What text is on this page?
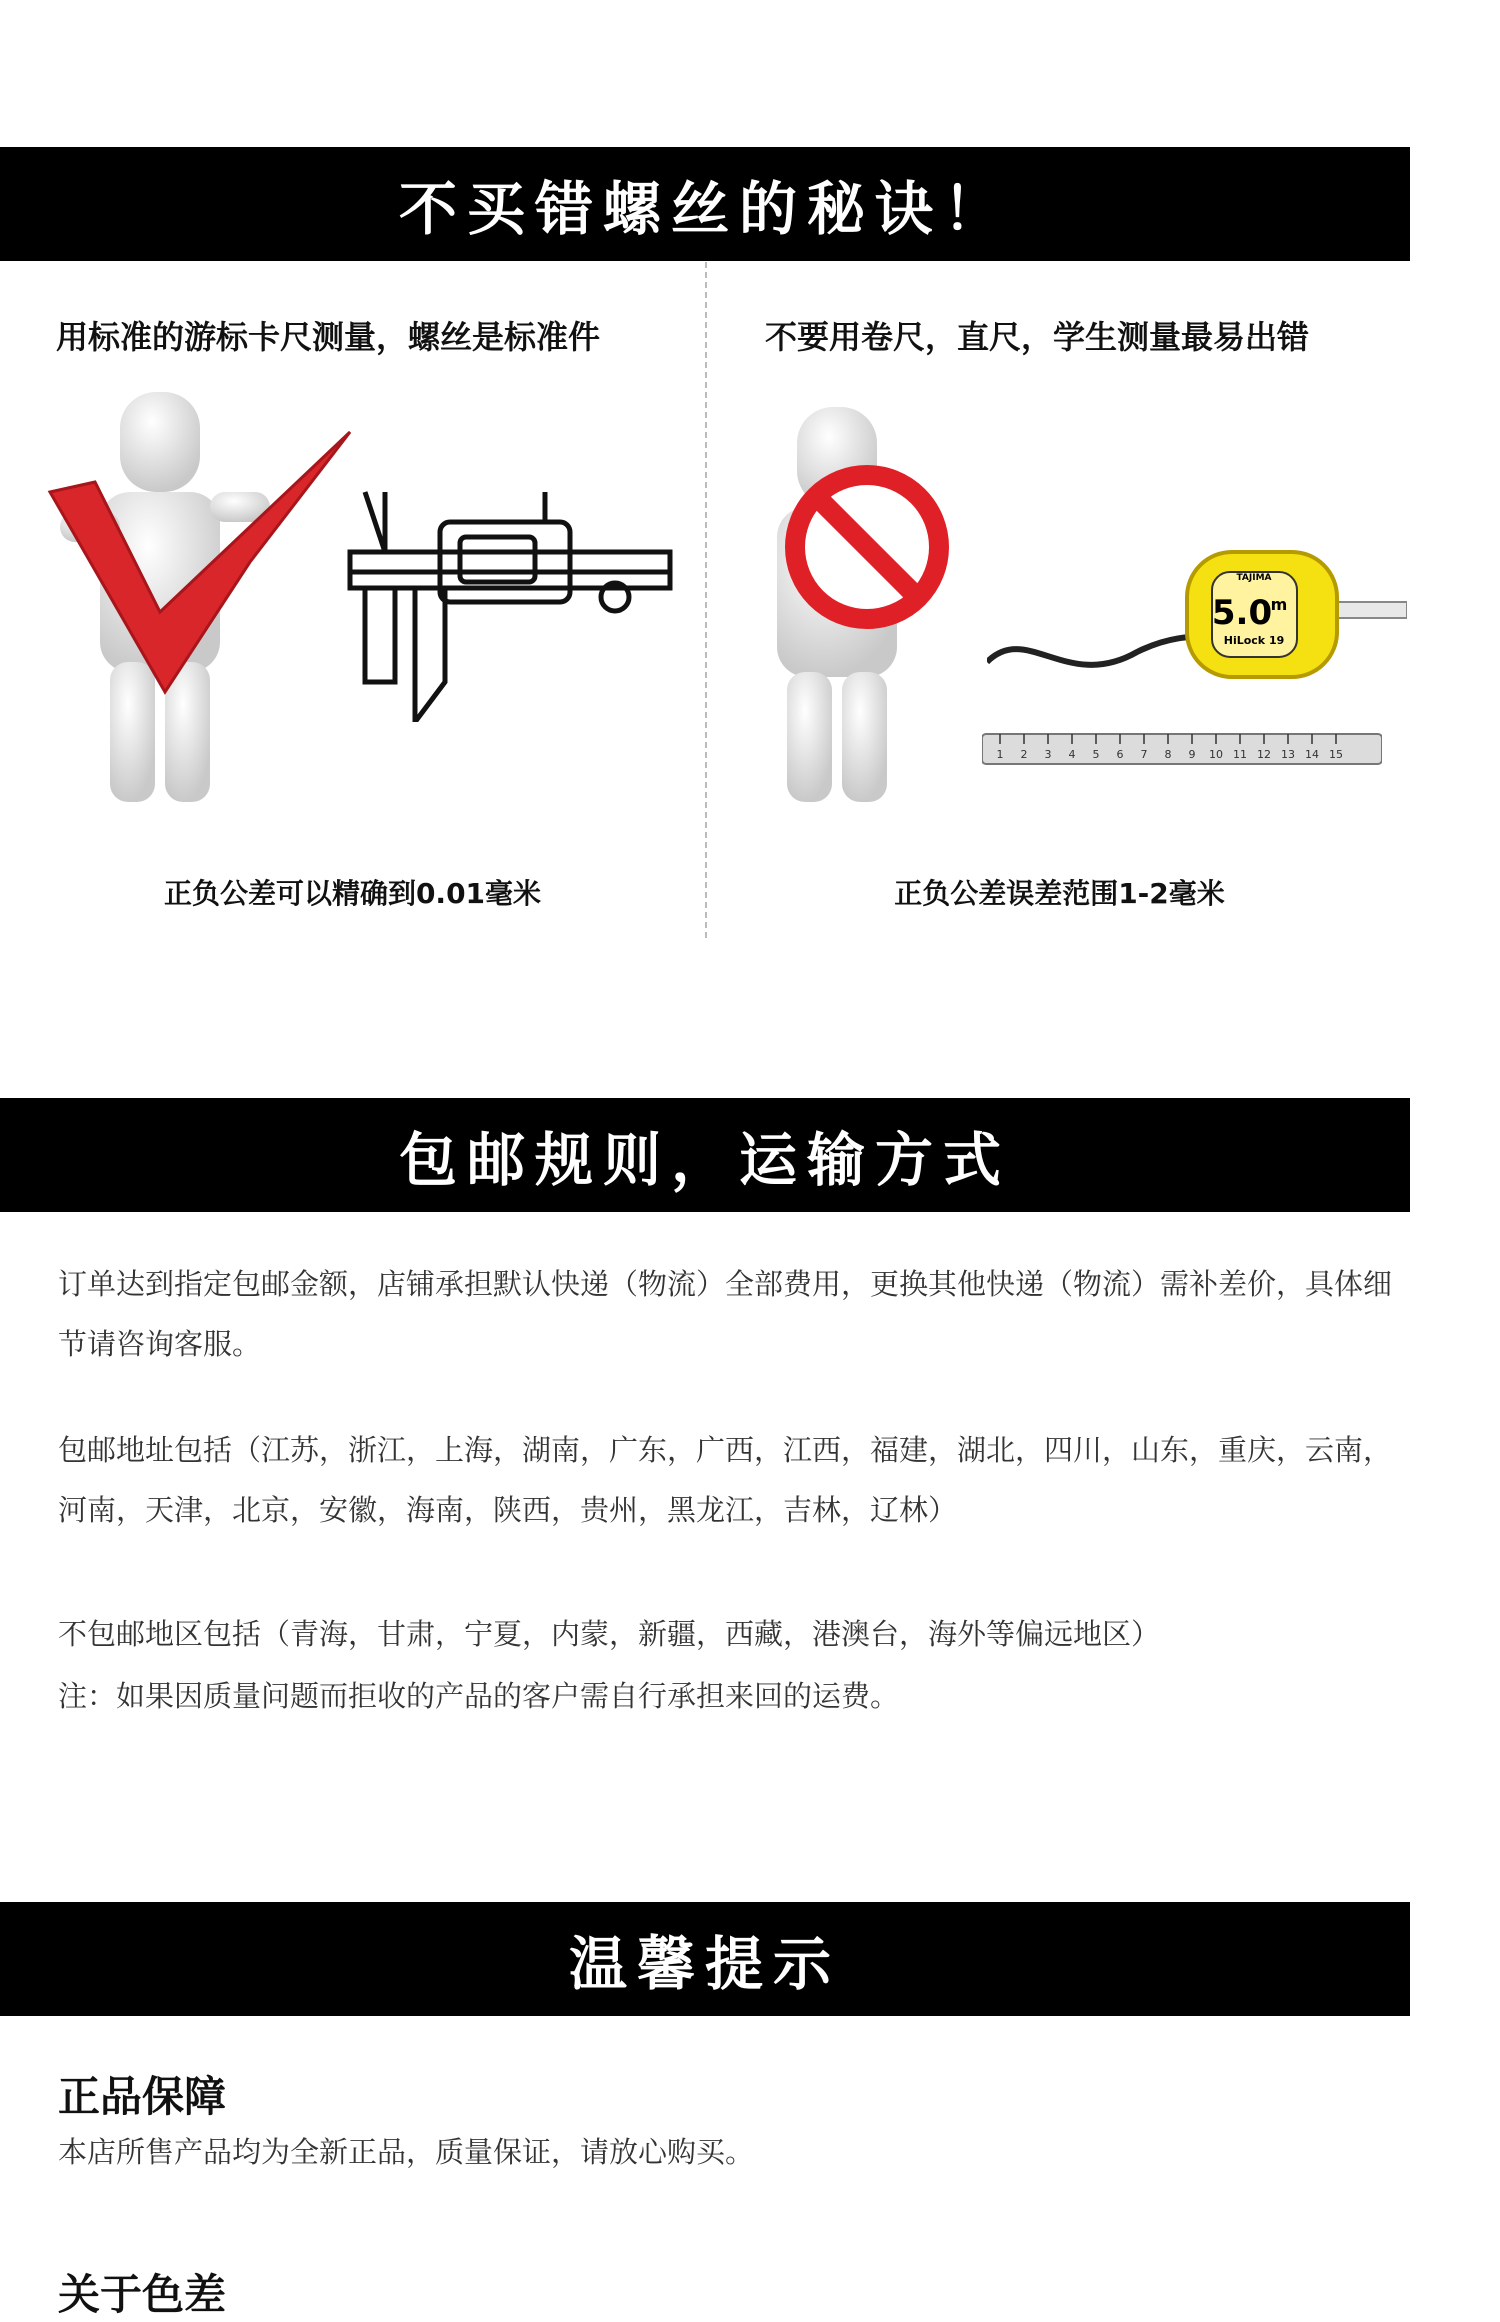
不买错螺丝的秘诀！
用标准的游标卡尺测量，螺丝是标准件
正负公差可以精确到0.01毫米
不要用卷尺，直尺，学生测量最易出错
TAJIMA
5.0
m
HiLock 19
1 2 3 4 5 6 7 8 9 10 11 12 13 14 15
正负公差误差范围1-2毫米
包邮规则，运输方式
订单达到指定包邮金额，店铺承担默认快递（物流）全部费用，更换其他快递（物流）需补差价，具体细节请咨询客服。
包邮地址包括（江苏，浙江，上海，湖南，广东，广西，江西，福建，湖北，四川，山东，重庆，云南，河南，天津，北京，安徽，海南，陕西，贵州，黑龙江，吉林，辽林）
不包邮地区包括（青海，甘肃，宁夏，内蒙，新疆，西藏，港澳台，海外等偏远地区）
注：如果因质量问题而拒收的产品的客户需自行承担来回的运费。
温馨提示
正品保障
本店所售产品均为全新正品，质量保证，请放心购买。
关于色差
